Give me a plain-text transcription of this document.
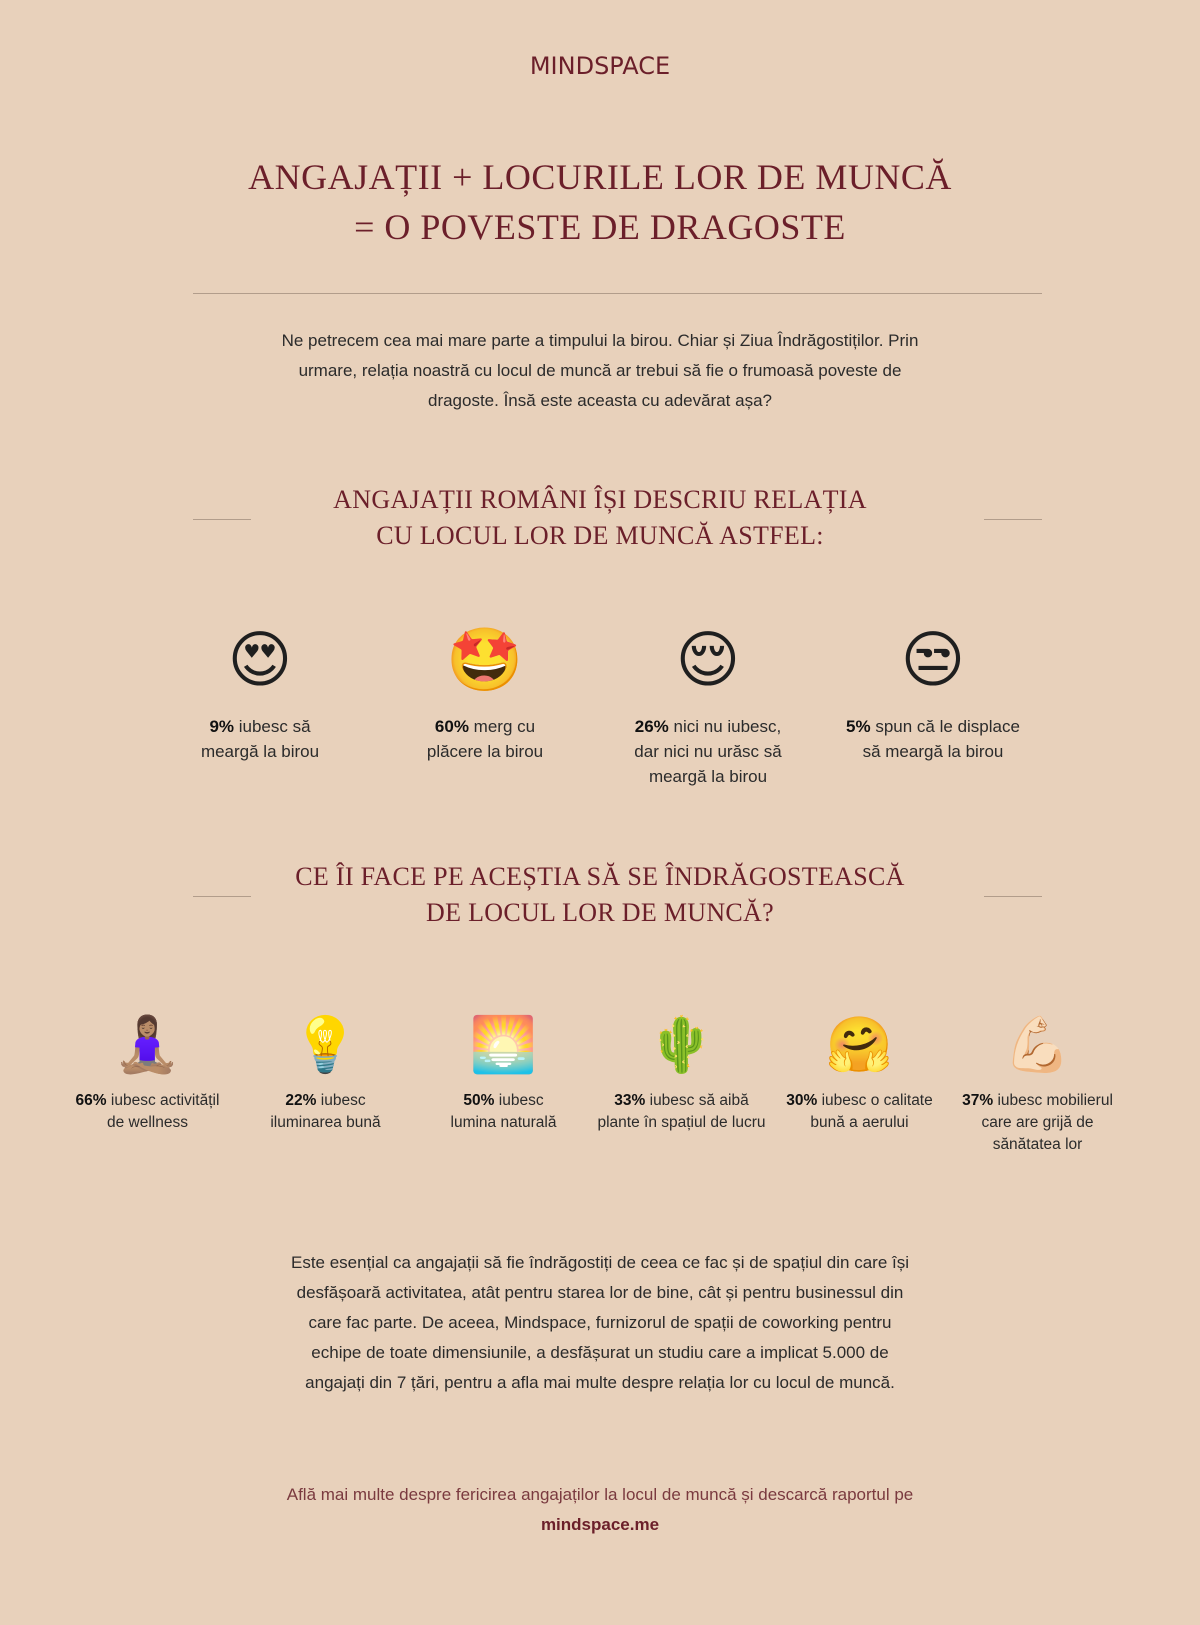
MINDSPACE
ANGAJAȚII + LOCURILE LOR DE MUNCĂ
= O POVESTE DE DRAGOSTE
Ne petrecem cea mai mare parte a timpului la birou. Chiar și Ziua Îndrăgostiților. Prin
urmare, relația noastră cu locul de muncă ar trebui să fie o frumoasă poveste de
dragoste. Însă este aceasta cu adevărat așa?
ANGAJAȚII ROMÂNI ÎȘI DESCRIU RELAȚIA
CU LOCUL LOR DE MUNCĂ ASTFEL:
😍
9% iubesc să
meargă la birou
🤩
60% merg cu
plăcere la birou
😌
26% nici nu iubesc,
dar nici nu urăsc să
meargă la birou
😒
5% spun că le displace
să meargă la birou
CE ÎI FACE PE ACEȘTIA SĂ SE ÎNDRĂGOSTEASCĂ
DE LOCUL LOR DE MUNCĂ?
🧘🏽‍♀️
66% iubesc activitățil
de wellness
💡
22% iubesc
iluminarea bună
🌅
50% iubesc
lumina naturală
🌵
33% iubesc să aibă
plante în spațiul de lucru
🤗
30% iubesc o calitate
bună a aerului
💪🏻
37% iubesc mobilierul
care are grijă de
sănătatea lor
Este esențial ca angajații să fie îndrăgostiți de ceea ce fac și de spațiul din care își
desfășoară activitatea, atât pentru starea lor de bine, cât și pentru businessul din
care fac parte. De aceea, Mindspace, furnizorul de spații de coworking pentru
echipe de toate dimensiunile, a desfășurat un studiu care a implicat 5.000 de
angajați din 7 țări, pentru a afla mai multe despre relația lor cu locul de muncă.
Află mai multe despre fericirea angajaților la locul de muncă și descarcă raportul pe
mindspace.me
